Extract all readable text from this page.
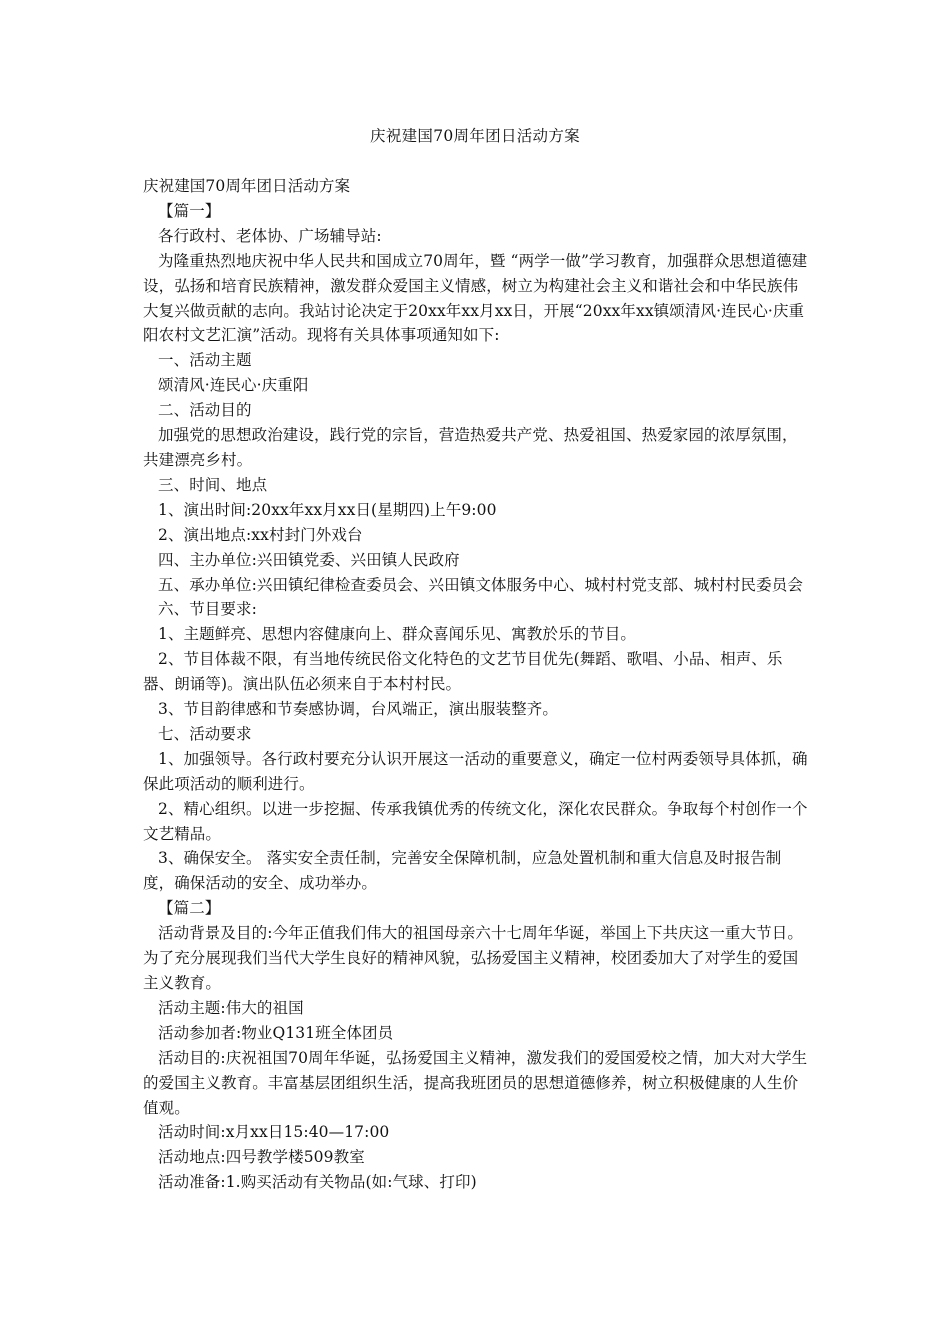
庆祝建国70周年团日活动方案

庆祝建国70周年团日活动方案

【篇一】

各行政村、老体协、广场辅导站:

为隆重热烈地庆祝中华人民共和国成立70周年，暨 “两学一做”学习教育，加强群众思想道德建设，弘扬和培育民族精神，激发群众爱国主义情感，树立为构建社会主义和谐社会和中华民族伟大复兴做贡献的志向。我站讨论决定于20xx年xx月xx日，开展“20xx年xx镇颂清风·连民心·庆重阳农村文艺汇演”活动。现将有关具体事项通知如下:

一、活动主题

颂清风·连民心·庆重阳

二、活动目的

加强党的思想政治建设，践行党的宗旨，营造热爱共产党、热爱祖国、热爱家园的浓厚氛围，共建漂亮乡村。

三、时间、地点

1、演出时间:20xx年xx月xx日(星期四)上午9:00

2、演出地点:xx村封门外戏台

四、主办单位:兴田镇党委、兴田镇人民政府

五、承办单位:兴田镇纪律检查委员会、兴田镇文体服务中心、城村村党支部、城村村民委员会

六、节目要求:

1、主题鲜亮、思想内容健康向上、群众喜闻乐见、寓教於乐的节目。

2、节目体裁不限，有当地传统民俗文化特色的文艺节目优先(舞蹈、歌唱、小品、相声、乐器、朗诵等)。演出队伍必须来自于本村村民。

3、节目韵律感和节奏感协调，台风端正，演出服装整齐。

七、活动要求

1、加强领导。各行政村要充分认识开展这一活动的重要意义，确定一位村两委领导具体抓，确保此项活动的顺利进行。

2、精心组织。以进一步挖掘、传承我镇优秀的传统文化，深化农民群众。争取每个村创作一个文艺精品。

3、确保安全。 落实安全责任制，完善安全保障机制，应急处置机制和重大信息及时报告制度，确保活动的安全、成功举办。

【篇二】

活动背景及目的:今年正值我们伟大的祖国母亲六十七周年华诞，举国上下共庆这一重大节日。为了充分展现我们当代大学生良好的精神风貌，弘扬爱国主义精神，校团委加大了对学生的爱国主义教育。

活动主题:伟大的祖国

活动参加者:物业Q131班全体团员

活动目的:庆祝祖国70周年华诞，弘扬爱国主义精神，激发我们的爱国爱校之情，加大对大学生的爱国主义教育。丰富基层团组织生活，提高我班团员的思想道德修养，树立积极健康的人生价值观。

活动时间:x月xx日15:40—17:00

活动地点:四号教学楼509教室

活动准备:1.购买活动有关物品(如:气球、打印)
